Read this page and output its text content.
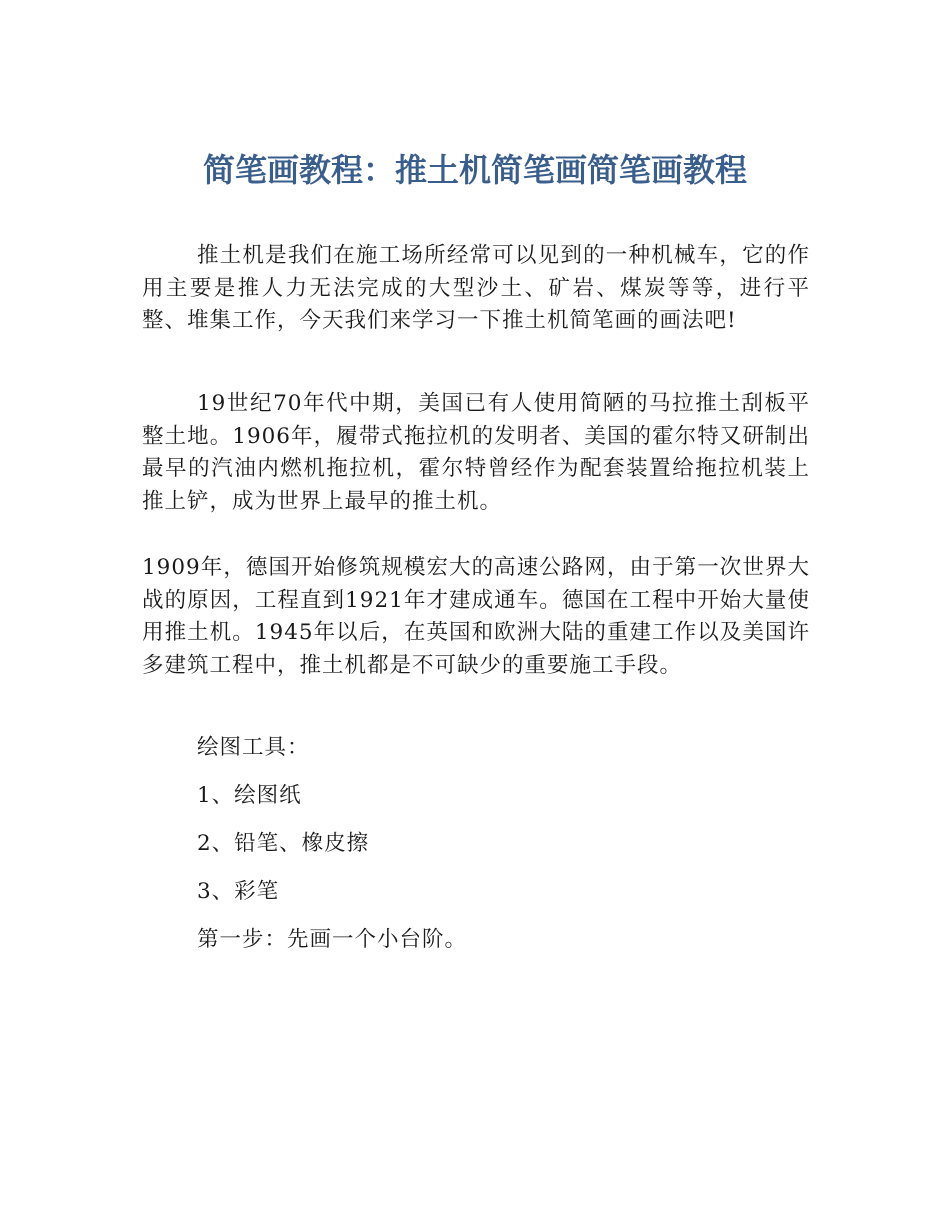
简笔画教程：推土机简笔画简笔画教程

推土机是我们在施工场所经常可以见到的一种机械车，它的作用主要是推人力无法完成的大型沙土、矿岩、煤炭等等，进行平整、堆集工作，今天我们来学习一下推土机简笔画的画法吧!

19世纪70年代中期，美国已有人使用简陋的马拉推土刮板平整土地。1906年，履带式拖拉机的发明者、美国的霍尔特又研制出最早的汽油内燃机拖拉机，霍尔特曾经作为配套装置给拖拉机装上推上铲，成为世界上最早的推土机。

1909年，德国开始修筑规模宏大的高速公路网，由于第一次世界大战的原因，工程直到1921年才建成通车。德国在工程中开始大量使用推土机。1945年以后，在英国和欧洲大陆的重建工作以及美国许多建筑工程中，推土机都是不可缺少的重要施工手段。

绘图工具：

1、绘图纸

2、铅笔、橡皮擦

3、彩笔

第一步：先画一个小台阶。
